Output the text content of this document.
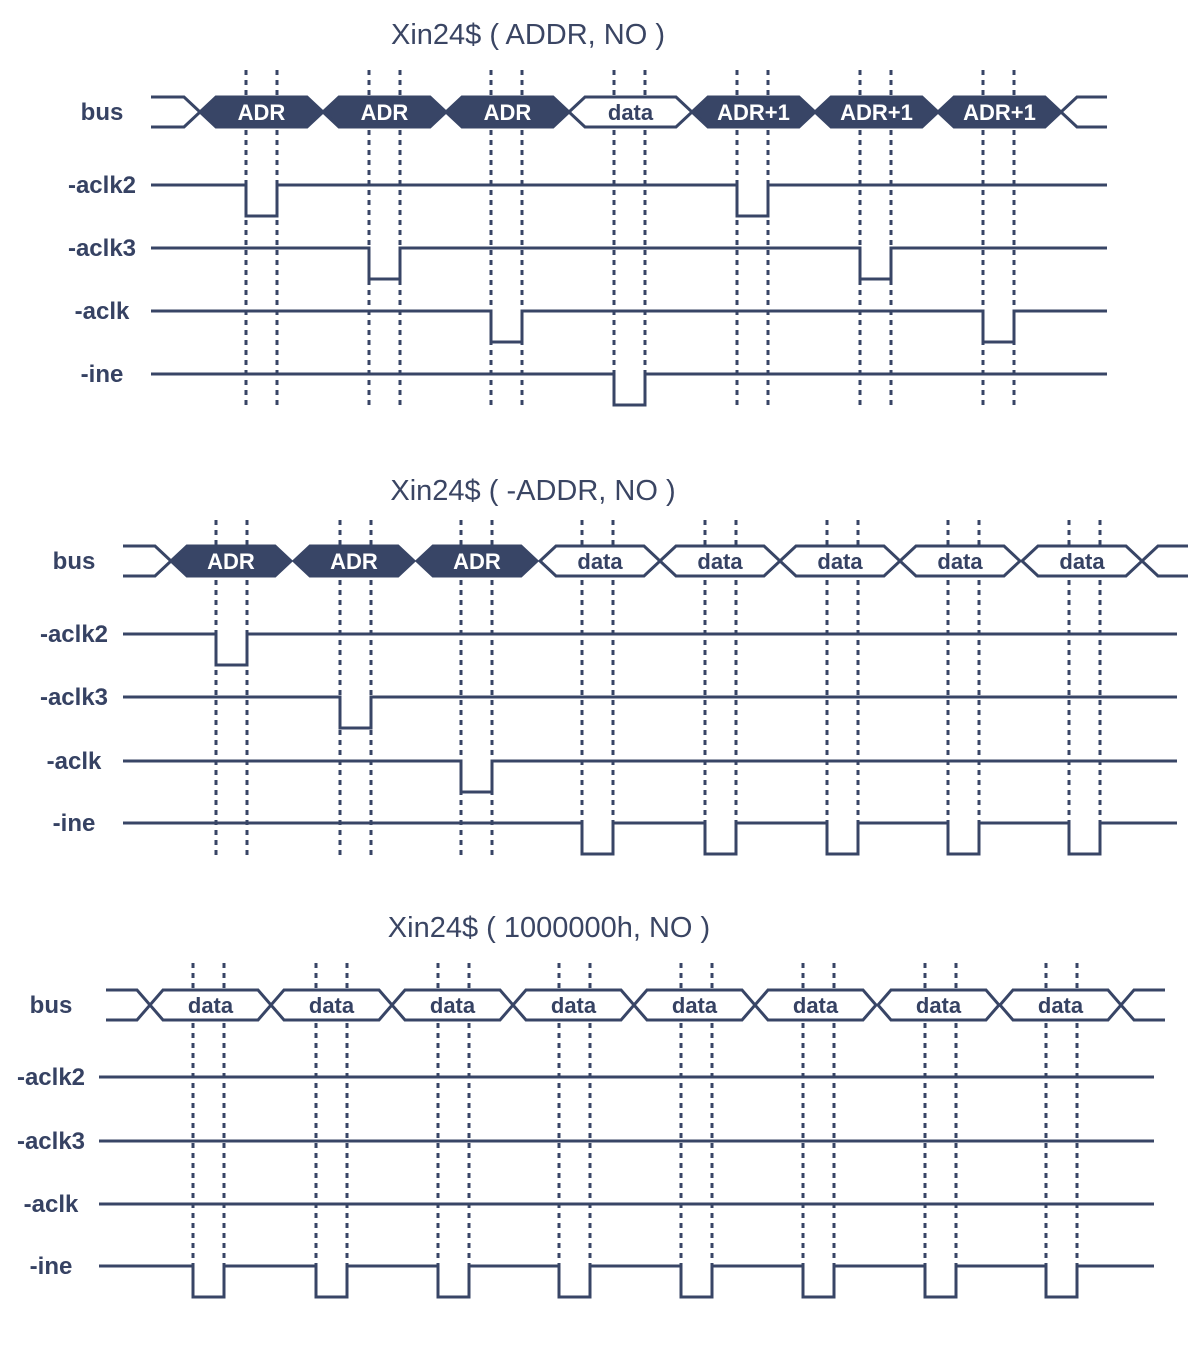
Xin24$ ( ADDR, NO )
bus
-aclk2
-aclk3
-aclk
-ine
ADR	ADR	ADR	data	ADR+1 ADR+1 ADR+1
Xin24$ ( -ADDR, NO )
bus
-aclk2
-aclk3
-aclk
-ine
ADR	ADR	ADR	data	data	data	data	data
Xin24$ ( 1000000h, NO )
bus
-aclk2
-aclk3
-aclk
-ine
data	data	data	data	data	data	data	data
